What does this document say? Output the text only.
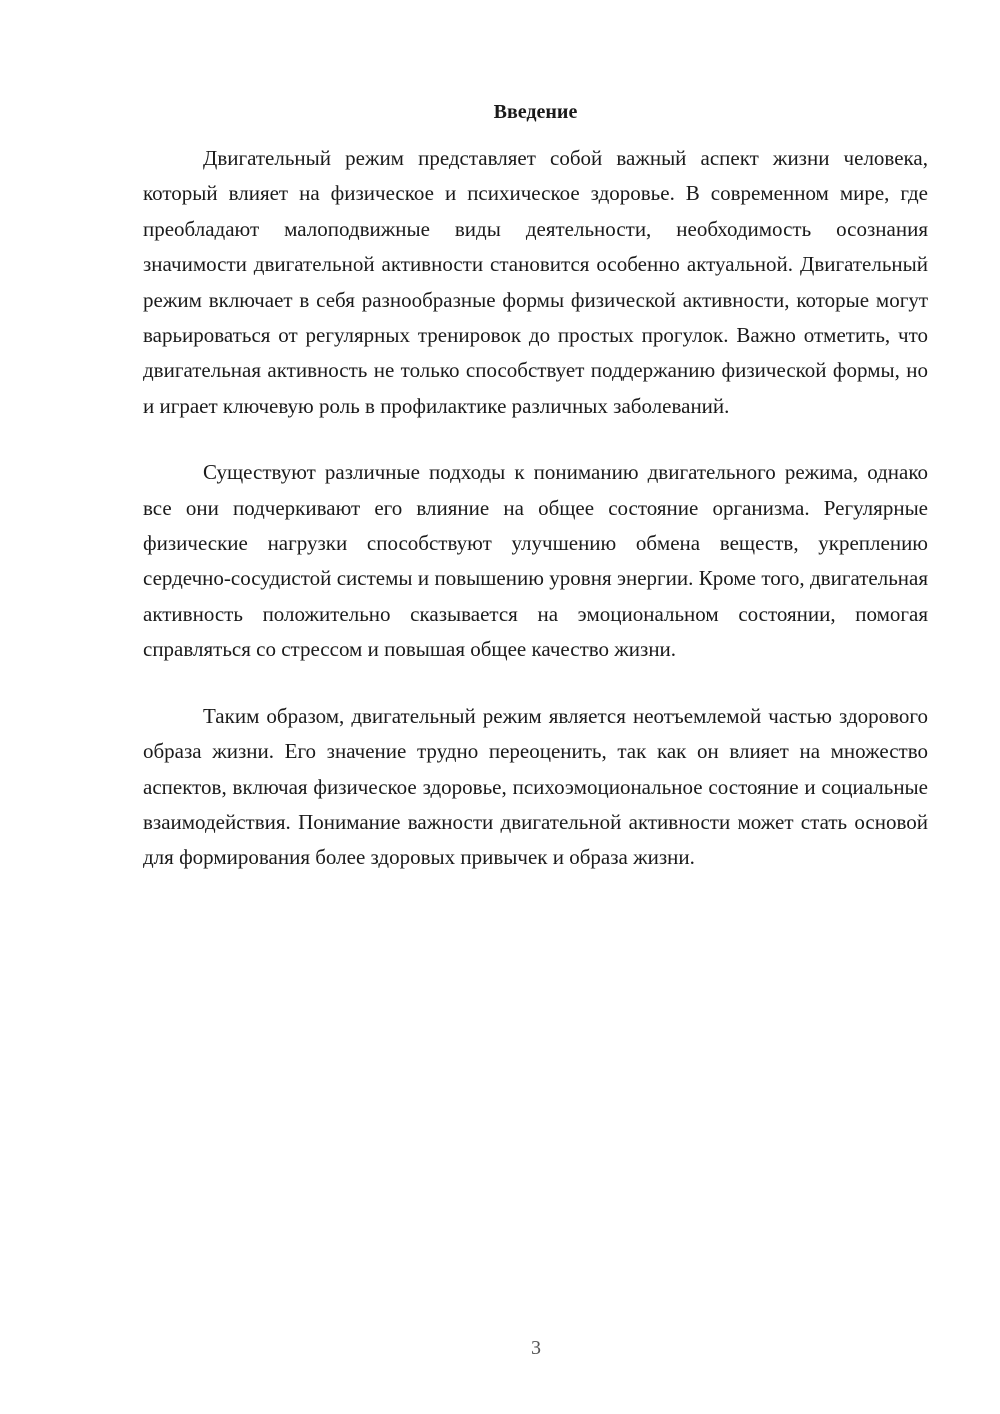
Введение

Двигательный режим представляет собой важный аспект жизни человека, который влияет на физическое и психическое здоровье. В современном мире, где преобладают малоподвижные виды деятельности, необходимость осознания значимости двигательной активности становится особенно актуальной. Двигательный режим включает в себя разнообразные формы физической активности, которые могут варьироваться от регулярных тренировок до простых прогулок. Важно отметить, что двигательная активность не только способствует поддержанию физической формы, но и играет ключевую роль в профилактике различных заболеваний.

Существуют различные подходы к пониманию двигательного режима, однако все они подчеркивают его влияние на общее состояние организма. Регулярные физические нагрузки способствуют улучшению обмена веществ, укреплению сердечно-сосудистой системы и повышению уровня энергии. Кроме того, двигательная активность положительно сказывается на эмоциональном состоянии, помогая справляться со стрессом и повышая общее качество жизни.

Таким образом, двигательный режим является неотъемлемой частью здорового образа жизни. Его значение трудно переоценить, так как он влияет на множество аспектов, включая физическое здоровье, психоэмоциональное состояние и социальные взаимодействия. Понимание важности двигательной активности может стать основой для формирования более здоровых привычек и образа жизни.

3
